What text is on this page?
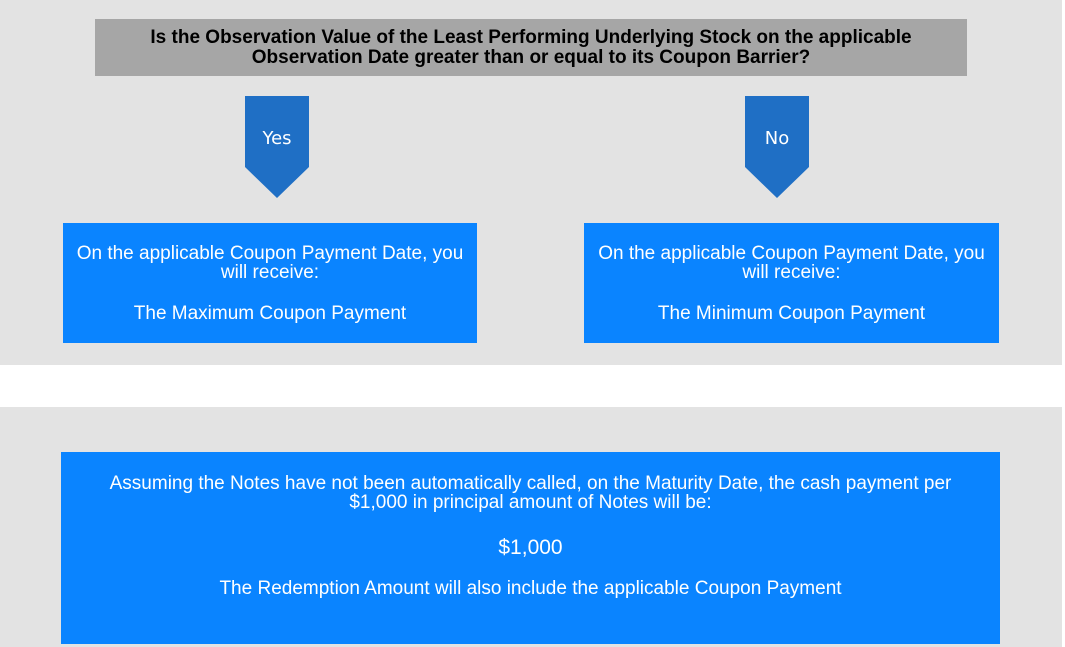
Is the Observation Value of the Least Performing Underlying Stock on the applicable
Observation Date greater than or equal to its Coupon Barrier?
Yes	No
On the applicable Coupon Payment Date, you
will receive:
The Maximum Coupon Payment
On the applicable Coupon Payment Date, you
will receive:
The Minimum Coupon Payment
Assuming the Notes have not been automatically called, on the Maturity Date, the cash payment per
$1,000 in principal amount of Notes will be:
$1,000
The Redemption Amount will also include the applicable Coupon Payment
